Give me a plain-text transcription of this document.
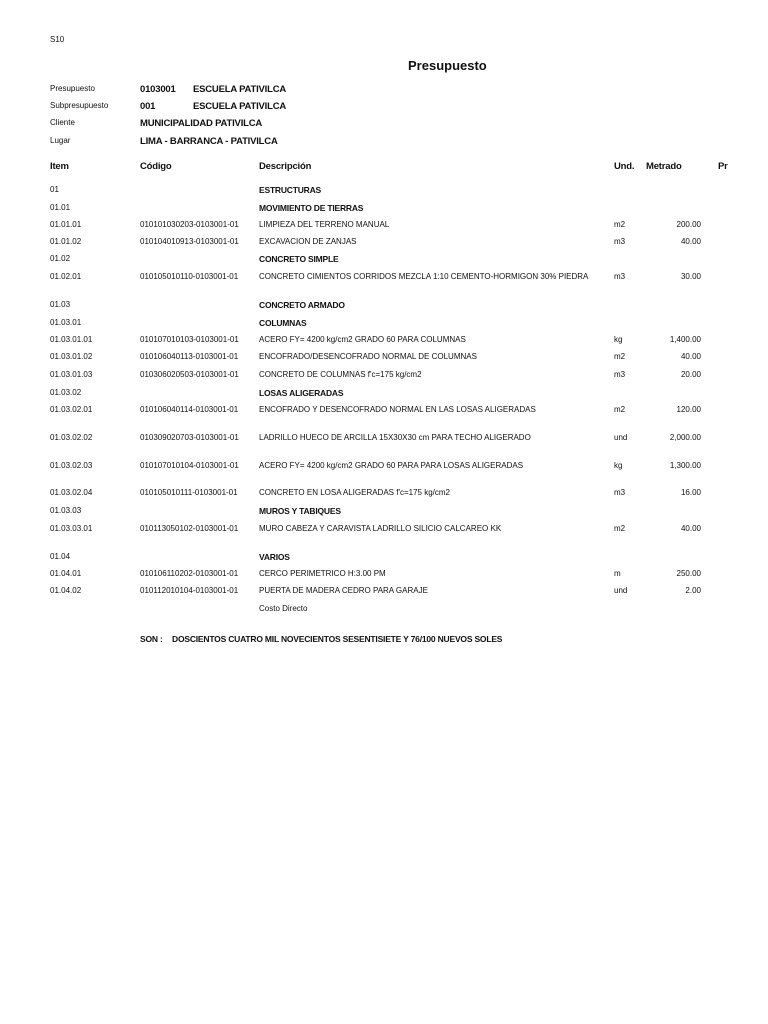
S10
Presupuesto
Presupuesto	0103001 ESCUELA PATIVILCA
Subpresupuesto	001	ESCUELA PATIVILCA
Cliente	MUNICIPALIDAD PATIVILCA
Lugar	LIMA - BARRANCA - PATIVILCA
Item	Código	Descripción	Und. Metrado	Pr
01	ESTRUCTURAS
01.01	MOVIMIENTO DE TIERRAS
01.01.01	010101030203-0103001-01	LIMPIEZA DEL TERRENO MANUAL	m2	200.00
01.01.02	010104010913-0103001-01	EXCAVACION DE ZANJAS	m3	40.00
01.02	CONCRETO SIMPLE
01.02.01	010105010110-0103001-01	CONCRETO CIMIENTOS CORRIDOS MEZCLA 1:10 CEMENTO-HORMIGON 30% PIEDRA	m3	30.00
01.03	CONCRETO ARMADO
01.03.01	COLUMNAS
01.03.01.01	010107010103-0103001-01	ACERO FY= 4200 kg/cm2 GRADO 60 PARA COLUMNAS	kg	1,400.00
01.03.01.02	010106040113-0103001-01	ENCOFRADO/DESENCOFRADO NORMAL DE COLUMNAS	m2	40.00
01.03.01.03	010306020503-0103001-01	CONCRETO DE COLUMNAS f'c=175 kg/cm2	m3	20.00
01.03.02	LOSAS ALIGERADAS
01.03.02.01	010106040114-0103001-01	ENCOFRADO Y DESENCOFRADO NORMAL EN LAS LOSAS ALIGERADAS	m2	120.00
01.03.02.02	010309020703-0103001-01	LADRILLO HUECO DE ARCILLA 15X30X30 cm PARA TECHO ALIGERADO	und	2,000.00
01.03.02.03	010107010104-0103001-01	ACERO FY= 4200 kg/cm2 GRADO 60 PARA PARA LOSAS ALIGERADAS	kg	1,300.00
01.03.02.04	010105010111-0103001-01	CONCRETO EN LOSA ALIGERADAS f'c=175 kg/cm2	m3	16.00
01.03.03	MUROS Y TABIQUES
01.03.03.01	010113050102-0103001-01	MURO CABEZA Y CARAVISTA LADRILLO SILICIO CALCAREO KK	m2	40.00
01.04	VARIOS
01.04.01	010106110202-0103001-01	CERCO PERIMETRICO H:3.00 PM	m	250.00
01.04.02	010112010104-0103001-01	PUERTA DE MADERA CEDRO PARA GARAJE	und	2.00
Costo Directo
SON : DOSCIENTOS CUATRO MIL NOVECIENTOS SESENTISIETE Y 76/100 NUEVOS SOLES
